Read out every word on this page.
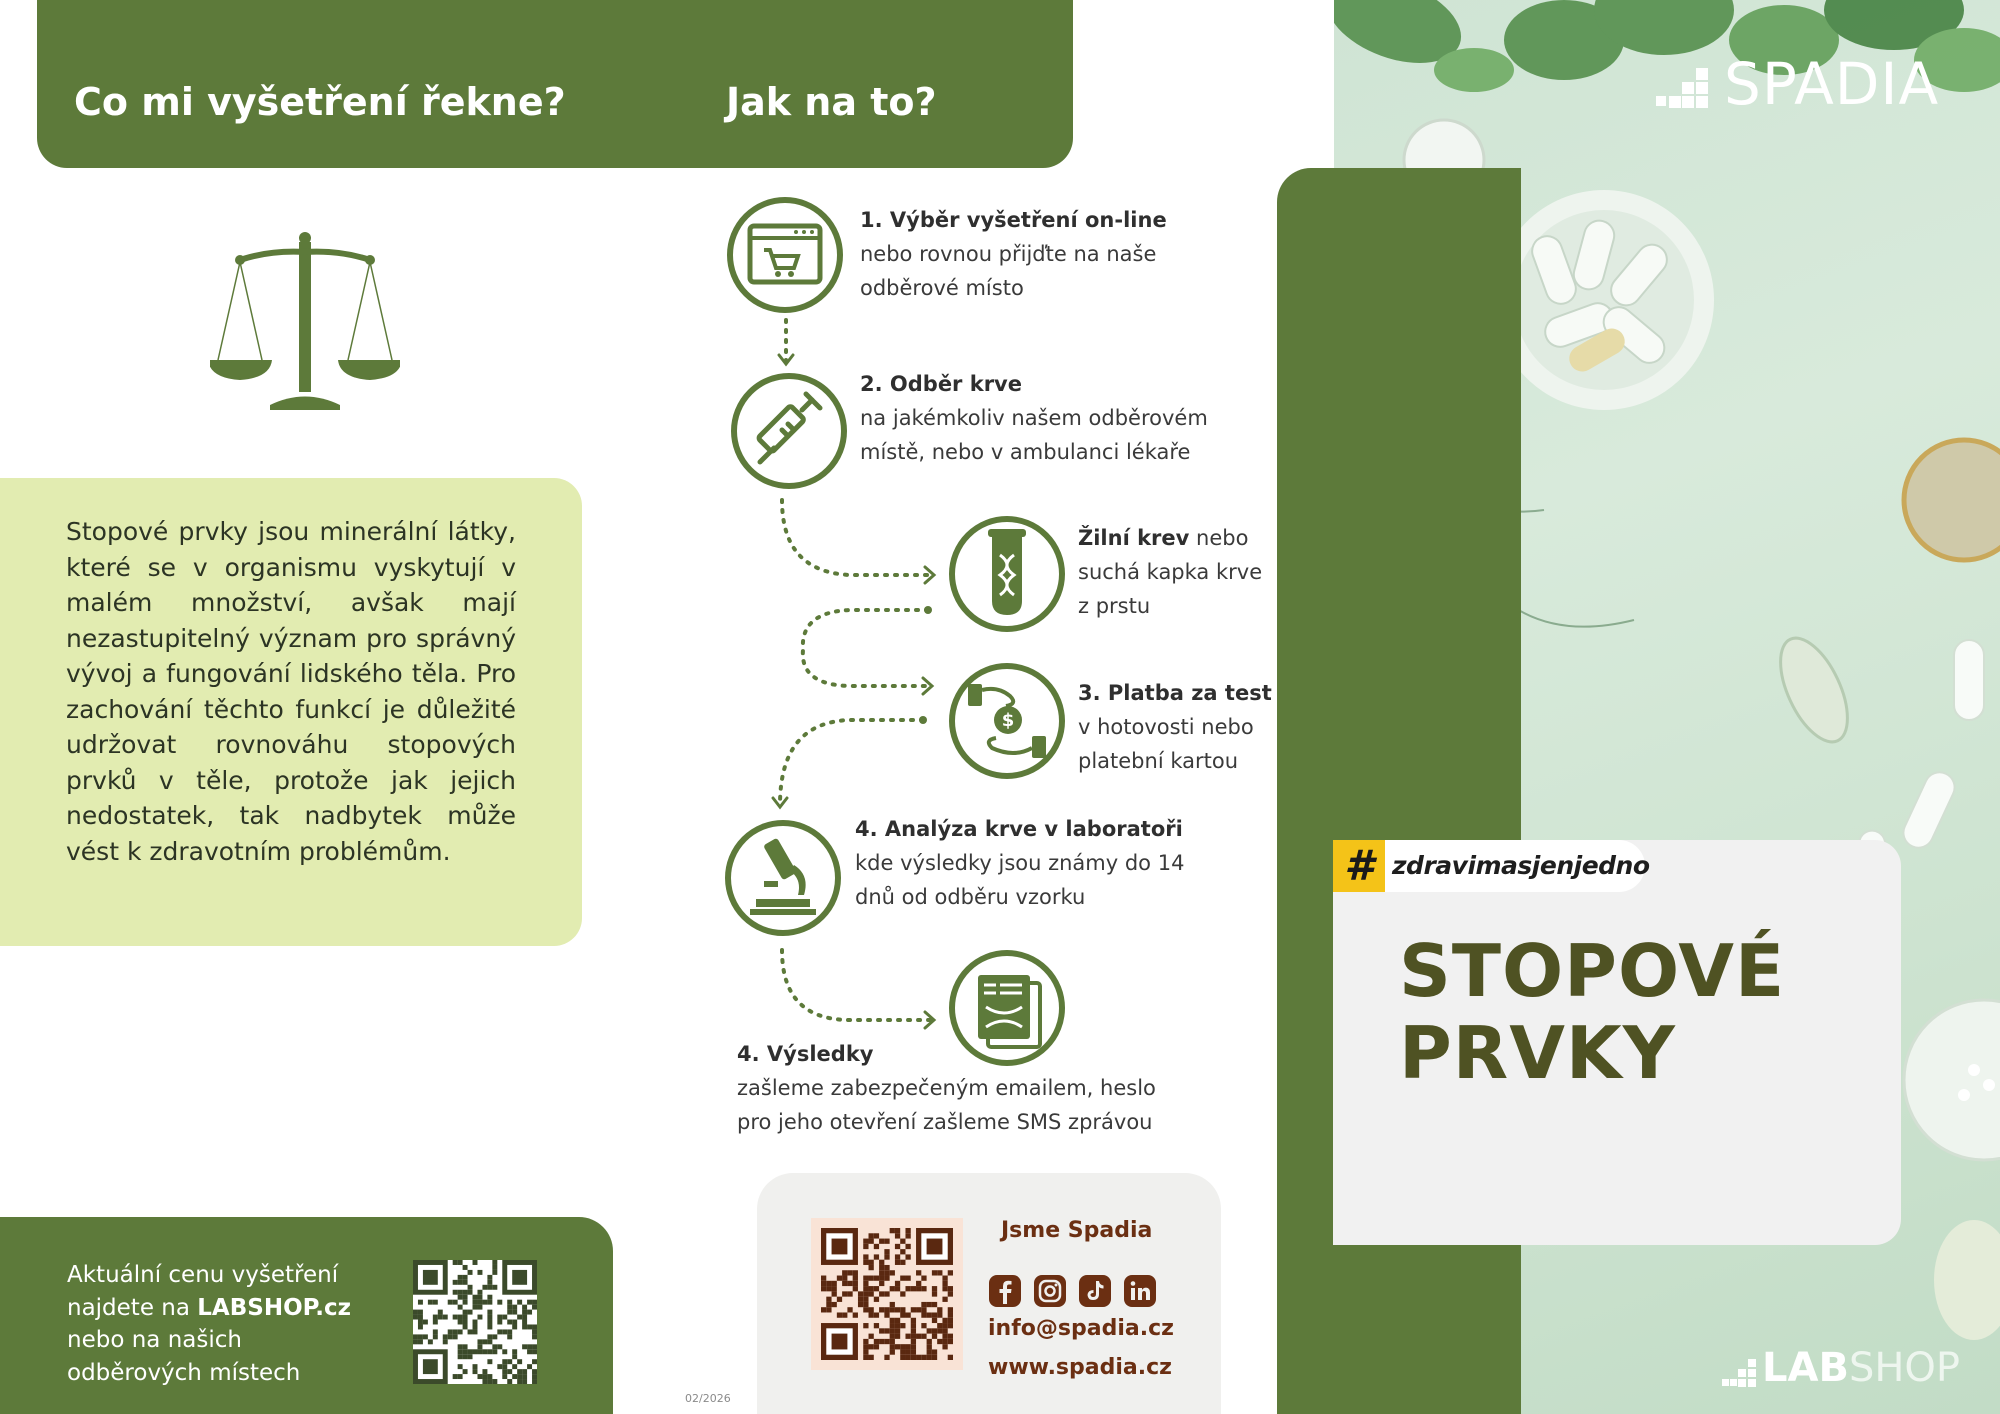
Co mi vyšetření řekne?	Jak na to?

Stopové prvky jsou minerální látky, které se v organismu vyskytují v malém množství, avšak mají nezastupitelný význam pro správný vývoj a fungování lidského těla. Pro zachování těchto funkcí je důležité udržovat rovnováhu stopových prvků v těle, protože jak jejich nedostatek, tak nadbytek může vést k zdravotním problémům.

Aktuální cenu vyšetření
najdete na LABSHOP.cz
nebo na našich
odběrových místech
1. Výběr vyšetření on-line
nebo rovnou přijďte na naše
odběrové místo
2. Odběr krve
na jakémkoliv našem odběrovém
místě, nebo v ambulanci lékaře
Žilní krev nebo
suchá kapka krve
z prstu
$
3. Platba za test
v hotovosti nebo
platební kartou
4. Analýza krve v laboratoři
kde výsledky jsou známy do 14
dnů od odběru vzorku
4. Výsledky
zašleme zabezpečeným emailem, heslo
pro jeho otevření zašleme SMS zprávou
Jsme Spadia
info@spadia.cz
www.spadia.cz
02/2026
SPADIA
LABSHOP
# zdravimasjenjedno
STOPOVÉ
PRVKY
